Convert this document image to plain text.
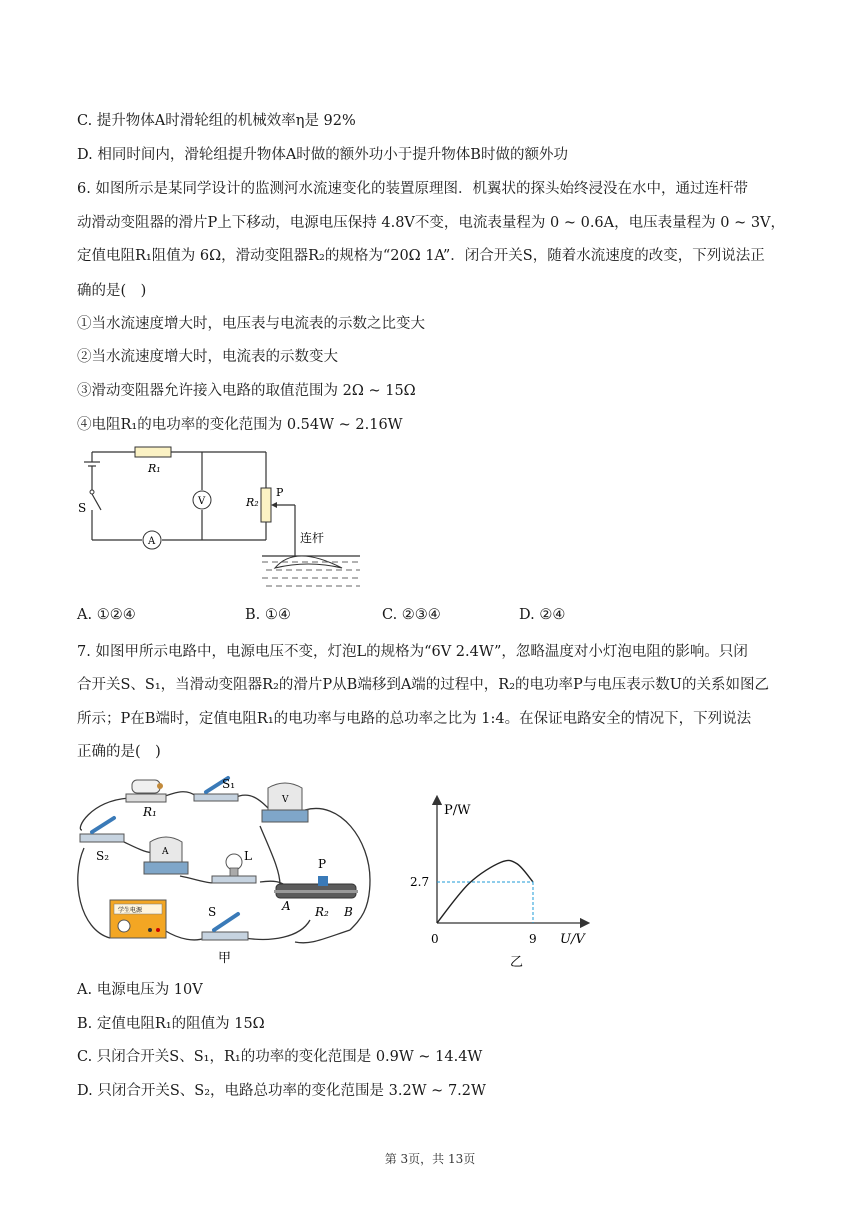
C. 提升物体A时滑轮组的机械效率η是 92%
D. 相同时间内，滑轮组提升物体A时做的额外功小于提升物体B时做的额外功
6. 如图所示是某同学设计的监测河水流速变化的装置原理图．机翼状的探头始终浸没在水中，通过连杆带
动滑动变阻器的滑片P上下移动，电源电压保持 4.8V不变，电流表量程为 0 ~ 0.6A，电压表量程为 0 ~ 3V，
定值电阻R₁阻值为 6Ω，滑动变阻器R₂的规格为“20Ω 1A”．闭合开关S，随着水流速度的改变，下列说法正
确的是(　)
①当水流速度增大时，电压表与电流表的示数之比变大
②当水流速度增大时，电流表的示数变大
③滑动变阻器允许接入电路的取值范围为 2Ω ~ 15Ω
④电阻R₁的电功率的变化范围为 0.54W ~ 2.16W
R₁
R₂
S
P
V
A	连杆
A. ①②④	B. ①④	C. ②③④	D. ②④
7. 如图甲所示电路中，电源电压不变，灯泡L的规格为“6V 2.4W”，忽略温度对小灯泡电阻的影响。只闭
合开关S、S₁，当滑动变阻器R₂的滑片P从B端移到A端的过程中，R₂的电功率P与电压表示数U的关系如图乙
所示；P在B端时，定值电阻R₁的电功率与电路的总功率之比为 1:4。在保证电路安全的情况下，下列说法
正确的是(　)
R₁
S₁
V
S₂	A	L
P
A R₂ B
学生电源	S
甲
P/W
U/V
0	9
2.7
乙
A. 电源电压为 10V
B. 定值电阻R₁的阻值为 15Ω
C. 只闭合开关S、S₁，R₁的功率的变化范围是 0.9W ~ 14.4W
D. 只闭合开关S、S₂，电路总功率的变化范围是 3.2W ~ 7.2W
第 3页，共 13页
